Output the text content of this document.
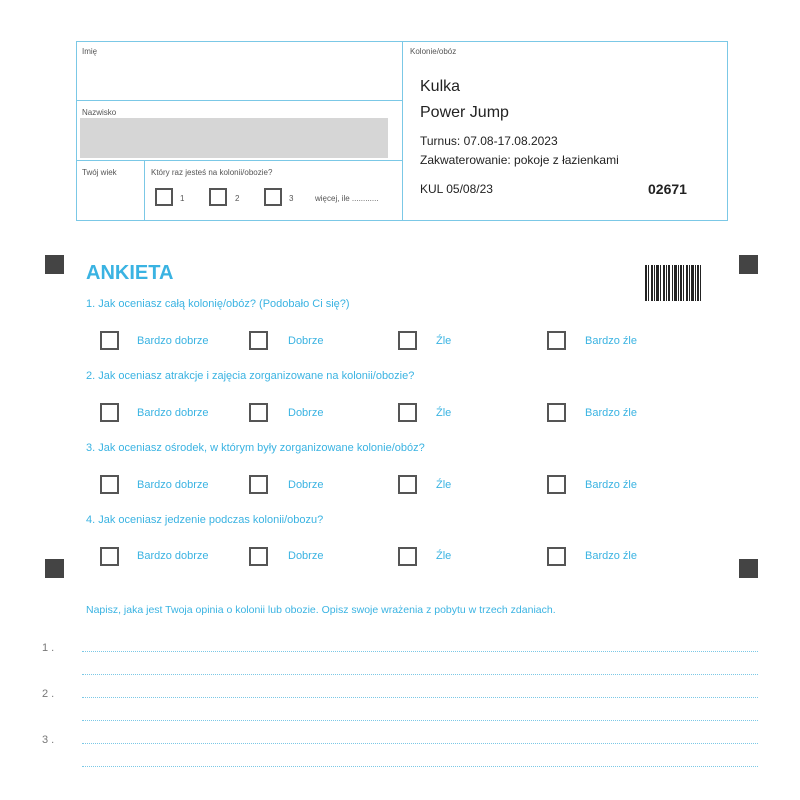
Imię
Nazwisko
Twój wiek	Który raz jesteś na kolonii/obozie?
1	2	3	więcej, ile ............
Kolonie/obóz
Kulka
Power Jump
Turnus: 07.08-17.08.2023
Zakwaterowanie: pokoje z łazienkami
KUL 05/08/23	02671
ANKIETA
1. Jak oceniasz całą kolonię/obóz? (Podobało Ci się?)
2. Jak oceniasz atrakcje i zajęcia zorganizowane na kolonii/obozie?
3. Jak oceniasz ośrodek, w którym były zorganizowane kolonie/obóz?
4. Jak oceniasz jedzenie podczas kolonii/obozu?
Bardzo dobrze	Dobrze	Źle	Bardzo źle
Bardzo dobrze	Dobrze	Źle	Bardzo źle
Bardzo dobrze	Dobrze	Źle	Bardzo źle
Bardzo dobrze	Dobrze	Źle	Bardzo źle
Napisz, jaka jest Twoja opinia o kolonii lub obozie. Opisz swoje wrażenia z pobytu w trzech zdaniach.
1 .
2 .
3 .
